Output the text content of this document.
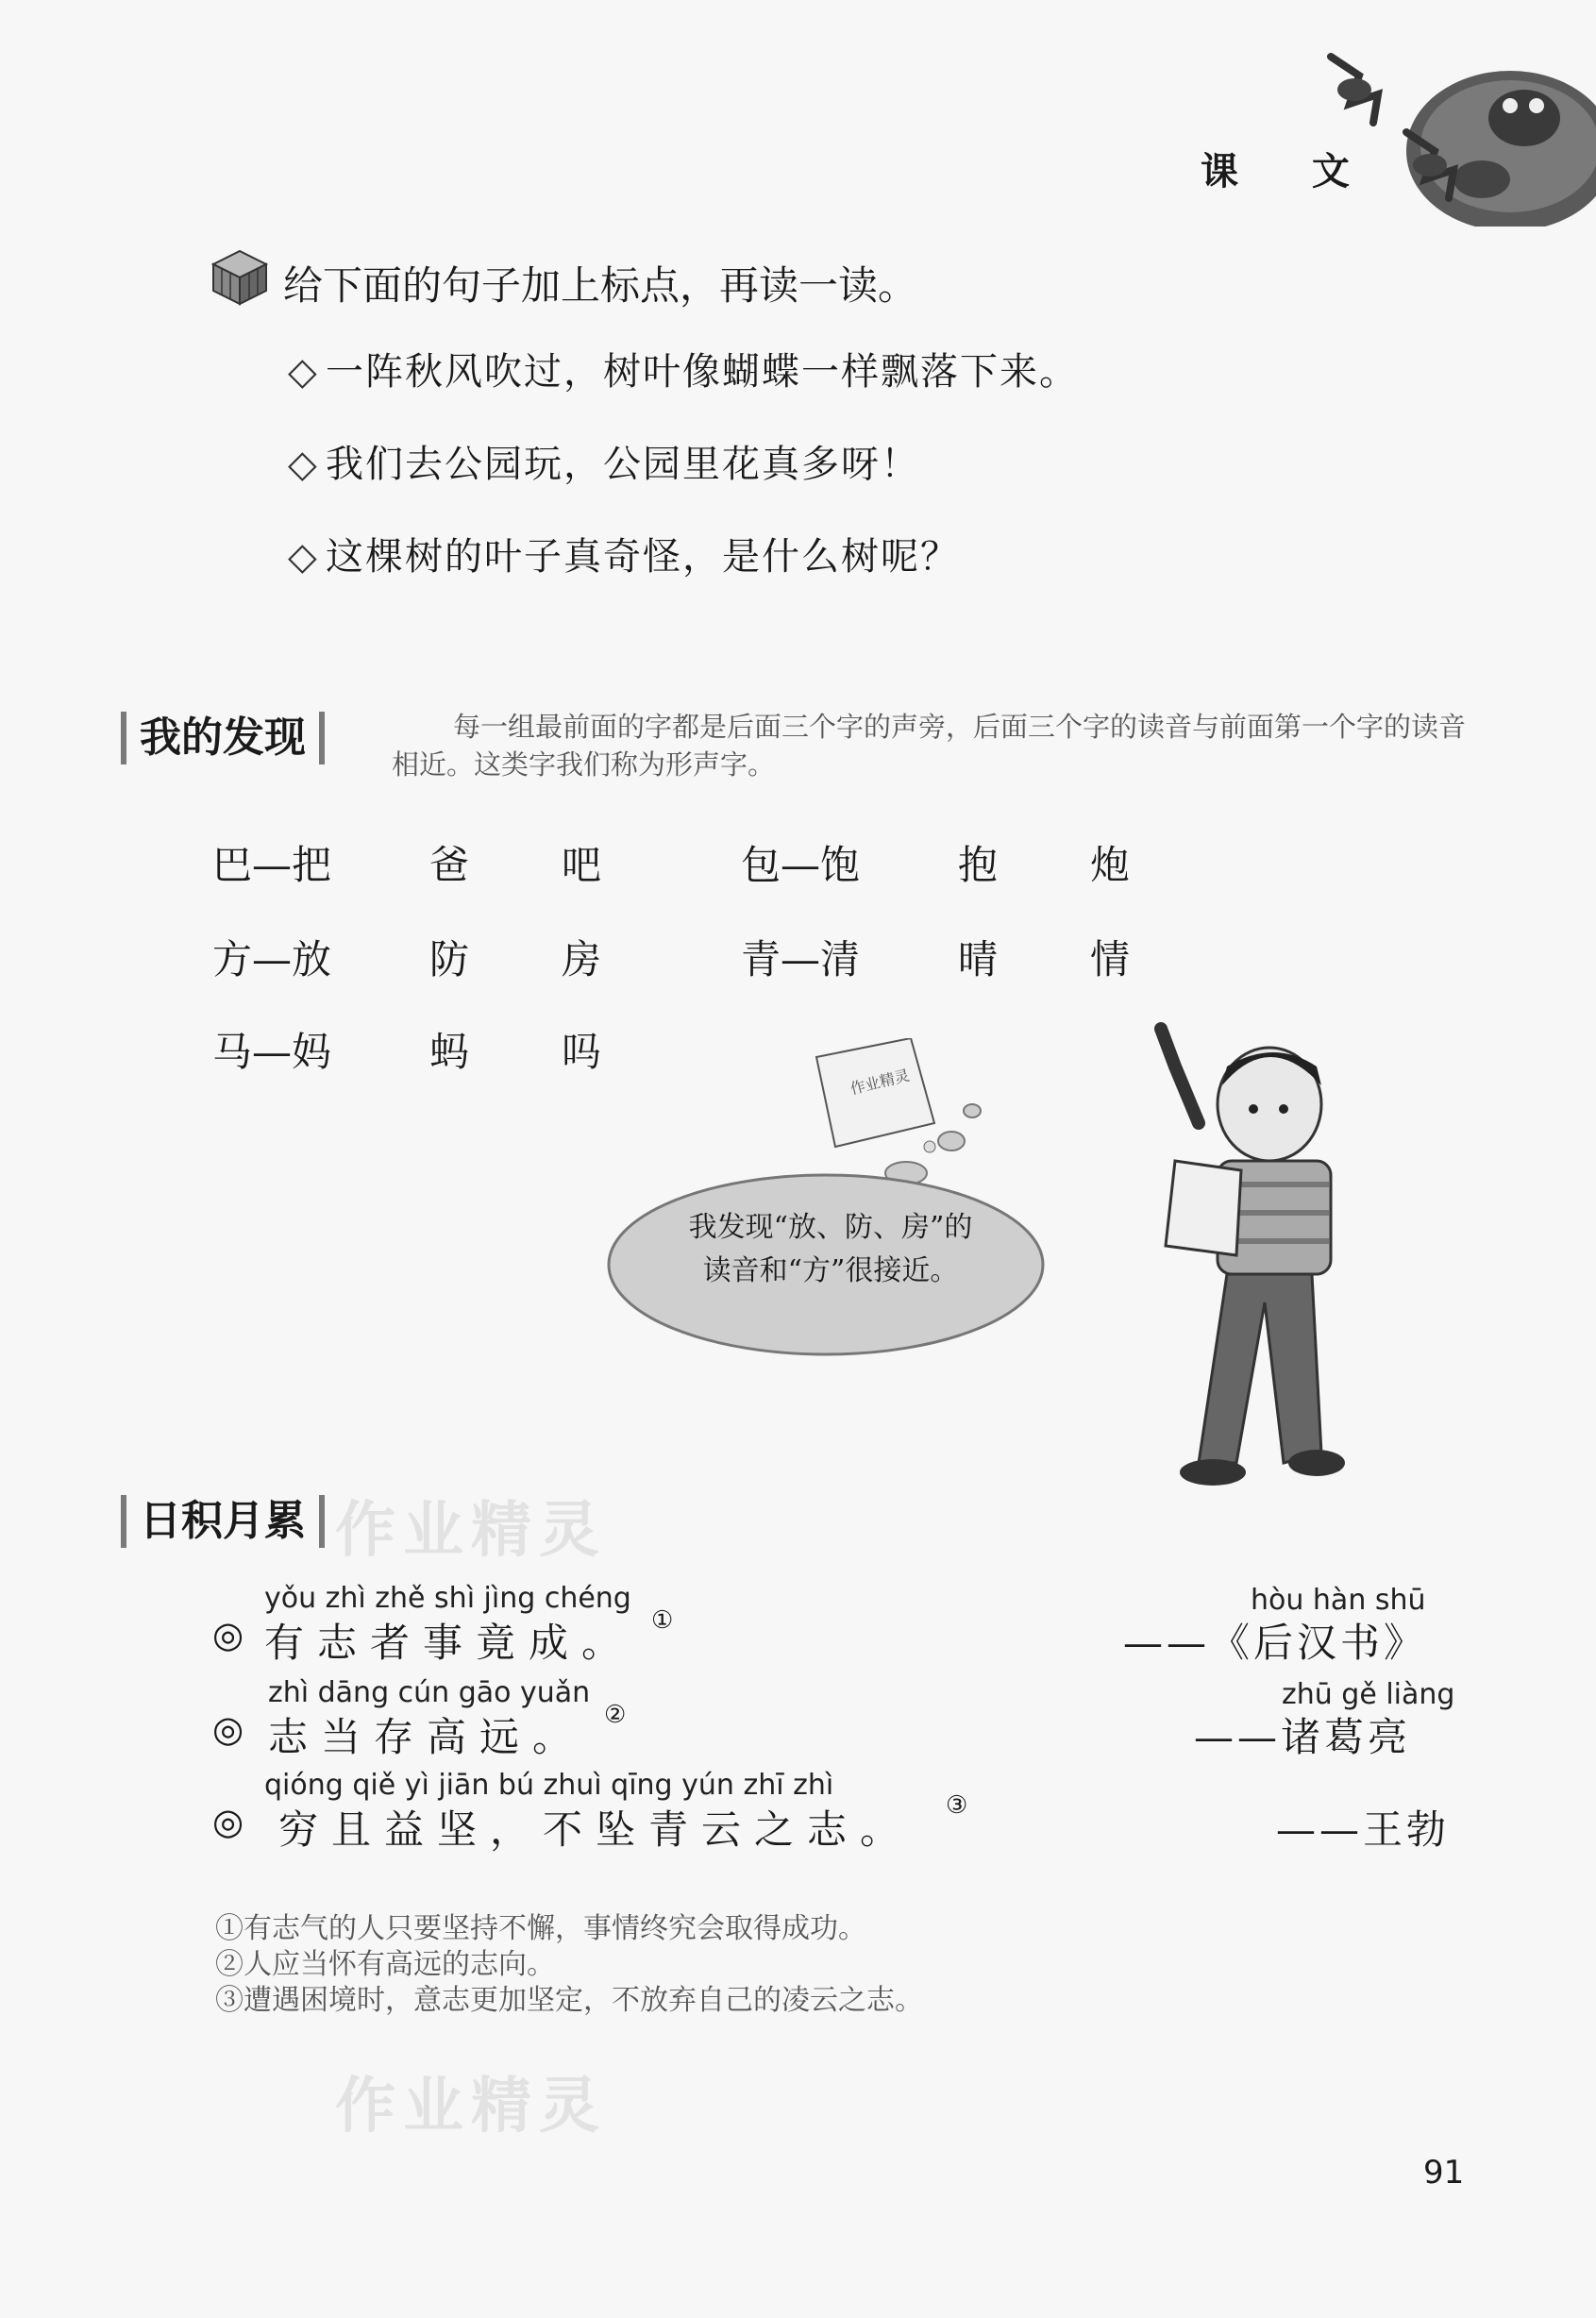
课 文
给下面的句子加上标点，再读一读。
◇ 一阵秋风吹过，树叶像蝴蝶一样飘落下来。
◇ 我们去公园玩，公园里花真多呀！
◇ 这棵树的叶子真奇怪，是什么树呢？
我的发现	每一组最前面的字都是后面三个字的声旁，后面三个字的读音与前面第一个字的读音相近。这类字我们称为形声字。
巴—把 爸 吧	包—饱 抱 炮
方—放 防 房	青—清 晴 情
马—妈 蚂 吗
作业精灵
我发现“放、防、房”的读音和“方”很接近。
作业精灵
作业精灵
日积月累
◎
yǒu zhì zhě shì jìng chéng
有志者事竟成。 ①
hòu hàn shū
——《后汉书》
◎
zhì dāng cún gāo yuǎn
志当存高远。 ②
zhū gě liàng
——诸葛亮
◎
qióng qiě yì jiān bú zhuì qīng yún zhī zhì
穷且益坚，不坠青云之志。
③
——王勃
①有志气的人只要坚持不懈，事情终究会取得成功。
②人应当怀有高远的志向。
③遭遇困境时，意志更加坚定，不放弃自己的凌云之志。
91
